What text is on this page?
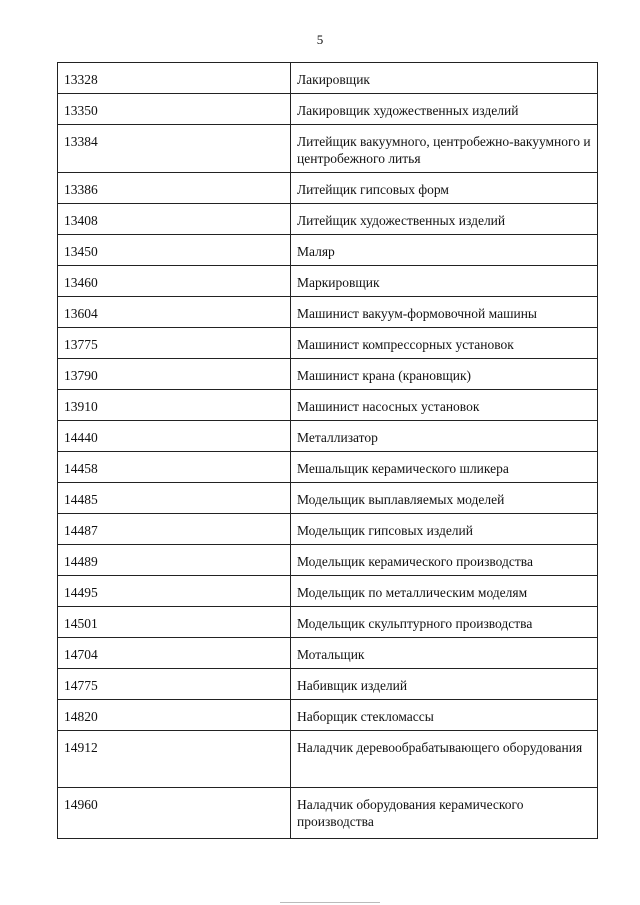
5
13328	Лакировщик
13350	Лакировщик художественных изделий
13384	Литейщик вакуумного, центробежно-вакуумного и центробежного литья
13386	Литейщик гипсовых форм
13408	Литейщик художественных изделий
13450	Маляр
13460	Маркировщик
13604	Машинист вакуум-формовочной машины
13775	Машинист компрессорных установок
13790	Машинист крана (крановщик)
13910	Машинист насосных установок
14440	Металлизатор
14458	Мешальщик керамического шликера
14485	Модельщик выплавляемых моделей
14487	Модельщик гипсовых изделий
14489	Модельщик керамического производства
14495	Модельщик по металлическим моделям
14501	Модельщик скульптурного производства
14704	Мотальщик
14775	Набивщик изделий
14820	Наборщик стекломассы
14912	Наладчик деревообрабатывающего оборудования
14960	Наладчик оборудования керамического производства
